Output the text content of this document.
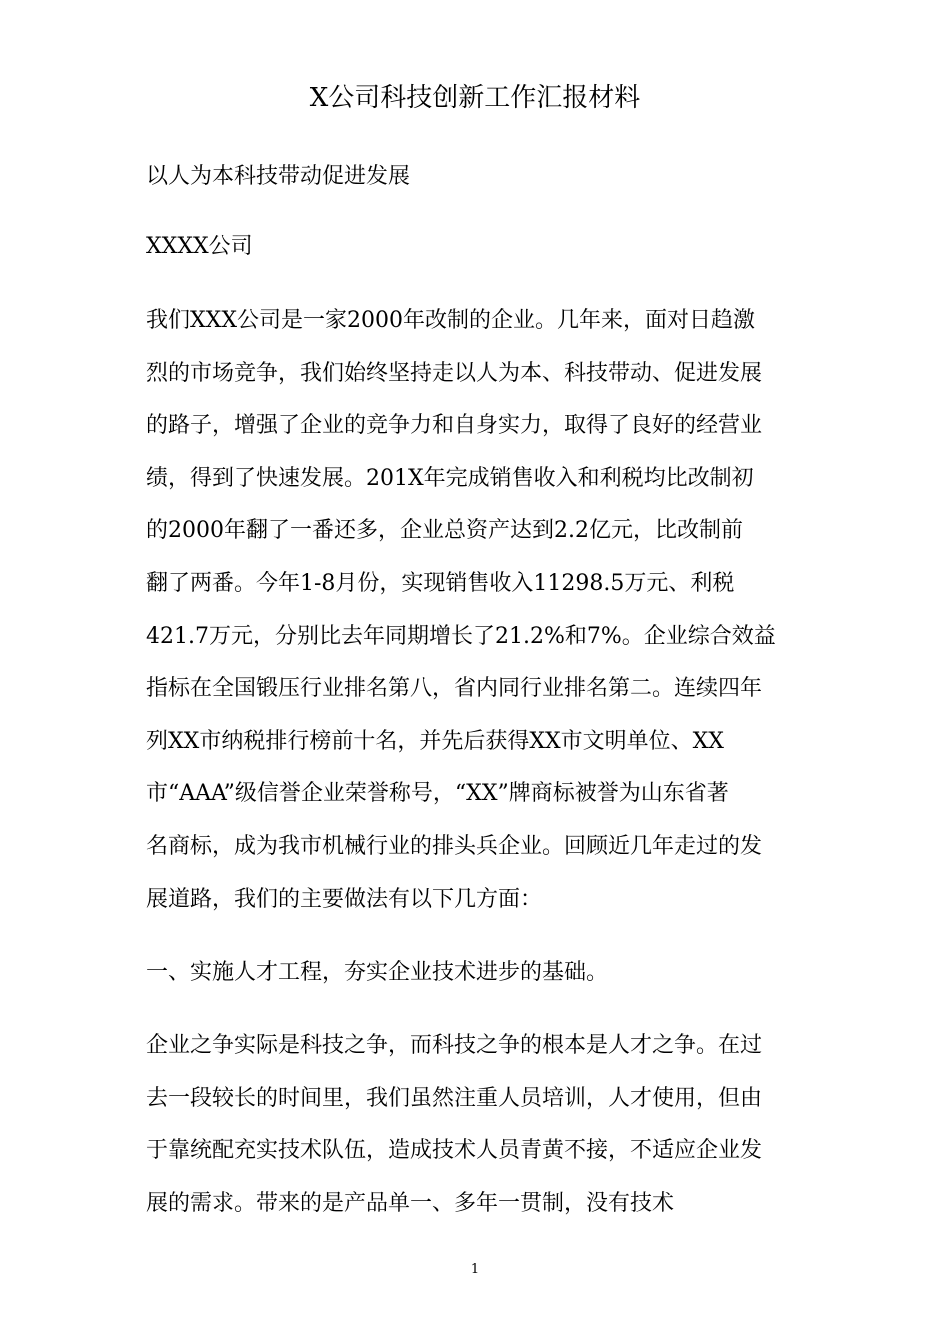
X公司科技创新工作汇报材料

以人为本科技带动促进发展

XXXX公司

我们XXX公司是一家2000年改制的企业。几年来，面对日趋激
烈的市场竞争，我们始终坚持走以人为本、科技带动、促进发展
的路子，增强了企业的竞争力和自身实力，取得了良好的经营业
绩，得到了快速发展。201X年完成销售收入和利税均比改制初
的2000年翻了一番还多，企业总资产达到2.2亿元，比改制前
翻了两番。今年1-8月份，实现销售收入11298.5万元、利税
421.7万元，分别比去年同期增长了21.2%和7%。企业综合效益
指标在全国锻压行业排名第八，省内同行业排名第二。连续四年
列XX市纳税排行榜前十名，并先后获得XX市文明单位、XX
市“AAA”级信誉企业荣誉称号，“XX”牌商标被誉为山东省著
名商标，成为我市机械行业的排头兵企业。回顾近几年走过的发
展道路，我们的主要做法有以下几方面：

一、实施人才工程，夯实企业技术进步的基础。

企业之争实际是科技之争，而科技之争的根本是人才之争。在过
去一段较长的时间里，我们虽然注重人员培训，人才使用，但由
于靠统配充实技术队伍，造成技术人员青黄不接，不适应企业发
展的需求。带来的是产品单一、多年一贯制，没有技术
1
